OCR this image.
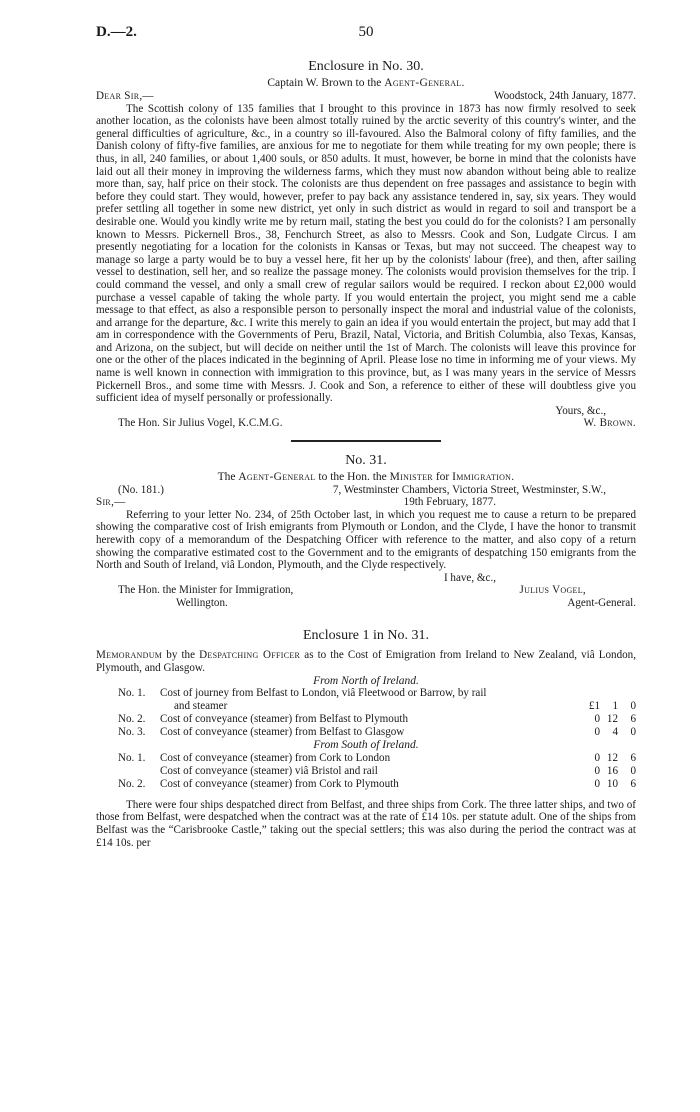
D.—2.	50

Enclosure in No. 30.

Captain W. Brown to the Agent-General.

Dear Sir,—	Woodstock, 24th January, 1877.

The Scottish colony of 135 families that I brought to this province in 1873 has now firmly resolved to seek another location, as the colonists have been almost totally ruined by the arctic severity of this country's winter, and the general difficulties of agriculture, &c., in a country so ill-favoured. Also the Balmoral colony of fifty families, and the Danish colony of fifty-five families, are anxious for me to negotiate for them while treating for my own people; there is thus, in all, 240 families, or about 1,400 souls, or 850 adults. It must, however, be borne in mind that the colonists have laid out all their money in improving the wilderness farms, which they must now abandon without being able to realize more than, say, half price on their stock. The colonists are thus dependent on free passages and assistance to begin with before they could start. They would, however, prefer to pay back any assistance tendered in, say, six years. They would prefer settling all together in some new district, yet only in such district as would in regard to soil and transport be a desirable one. Would you kindly write me by return mail, stating the best you could do for the colonists? I am personally known to Messrs. Pickernell Bros., 38, Fenchurch Street, as also to Messrs. Cook and Son, Ludgate Circus. I am presently negotiating for a location for the colonists in Kansas or Texas, but may not succeed. The cheapest way to manage so large a party would be to buy a vessel here, fit her up by the colonists' labour (free), and then, after sailing vessel to destination, sell her, and so realize the passage money. The colonists would provision themselves for the trip. I could command the vessel, and only a small crew of regular sailors would be required. I reckon about £2,000 would purchase a vessel capable of taking the whole party. If you would entertain the project, you might send me a cable message to that effect, as also a responsible person to personally inspect the moral and industrial value of the colonists, and arrange for the departure, &c. I write this merely to gain an idea if you would entertain the project, but may add that I am in correspondence with the Governments of Peru, Brazil, Natal, Victoria, and British Columbia, also Texas, Kansas, and Arizona, on the subject, but will decide on neither until the 1st of March. The colonists will leave this province for one or the other of the places indicated in the beginning of April. Please lose no time in informing me of your views. My name is well known in connection with immigration to this province, but, as I was many years in the service of Messrs Pickernell Bros., and some time with Messrs. J. Cook and Son, a reference to either of these will doubtless give you sufficient idea of myself personally or professionally.

Yours, &c.,

The Hon. Sir Julius Vogel, K.C.M.G.	W. Brown.

No. 31.

The Agent-General to the Hon. the Minister for Immigration.

(No. 181.)	7, Westminster Chambers, Victoria Street, Westminster, S.W.,
Sir,—	19th February, 1877.

Referring to your letter No. 234, of 25th October last, in which you request me to cause a return to be prepared showing the comparative cost of Irish emigrants from Plymouth or London, and the Clyde, I have the honor to transmit herewith copy of a memorandum of the Despatching Officer with reference to the matter, and also copy of a return showing the comparative estimated cost to the Government and to the emigrants of despatching 150 emigrants from the North and South of Ireland, viâ London, Plymouth, and the Clyde respectively.

I have, &c.,

The Hon. the Minister for Immigration,	Julius Vogel,
Wellington.	Agent-General.

Enclosure 1 in No. 31.

Memorandum by the Despatching Officer as to the Cost of Emigration from Ireland to New Zealand, viâ London, Plymouth, and Glasgow.

From North of Ireland.

No. 1.	Cost of journey from Belfast to London, viâ Fleetwood or Barrow, by rail
and steamer	£1	1	0
No. 2.	Cost of conveyance (steamer) from Belfast to Plymouth	0 12	6
No. 3.	Cost of conveyance (steamer) from Belfast to Glasgow	0	4	0

From South of Ireland.

No. 1.	Cost of conveyance (steamer) from Cork to London	0 12	6
Cost of conveyance (steamer) viâ Bristol and rail	0 16	0
No. 2.	Cost of conveyance (steamer) from Cork to Plymouth	0 10	6

There were four ships despatched direct from Belfast, and three ships from Cork. The three latter ships, and two of those from Belfast, were despatched when the contract was at the rate of £14 10s. per statute adult. One of the ships from Belfast was the “Carisbrooke Castle,” taking out the special settlers; this was also during the period the contract was at £14 10s. per
